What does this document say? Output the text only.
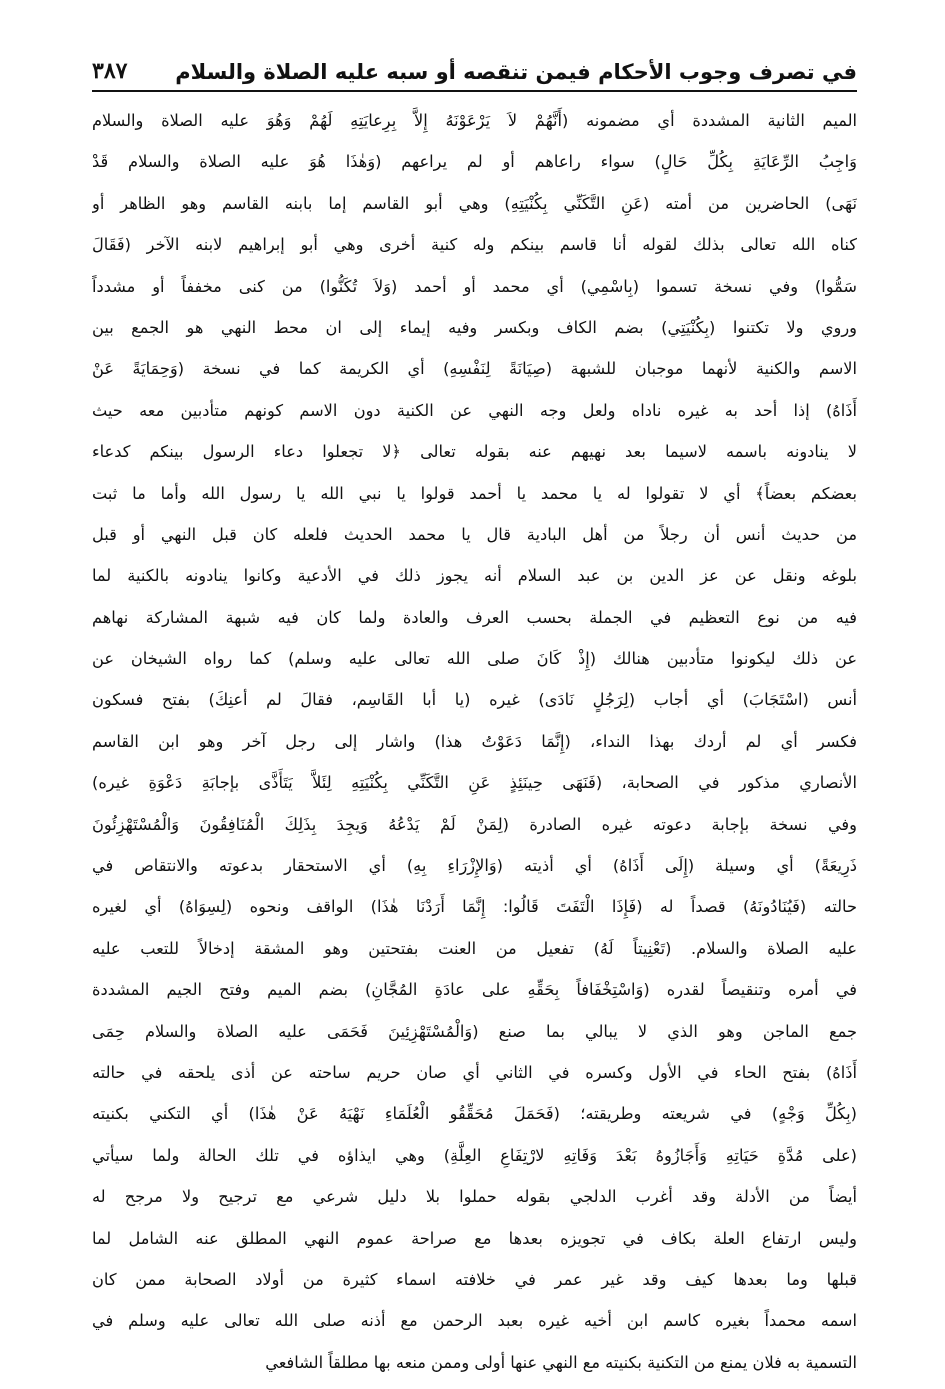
في تصرف وجوب الأحكام فيمن تنقصه أو سبه عليه الصلاة والسلام
٣٨٧
الميم الثانية المشددة أي مضمونه (أَنَّهُمْ لاَ يَرْعَوْنَهُ إِلاَّ بِرِعايَتِهِ لَهُمْ وَهُوَ عليه الصلاة والسلام
وَاجِبُ الرِّعَايَةِ بِكُلِّ حَالٍ) سواء راعاهم أو لم يراعهم (وَهٰذَا هُوَ عليه الصلاة والسلام قَدْ
نَهَى) الحاضرين من أمته (عَنِ التَّكَنِّي بِكُنْيَتِهِ) وهي أبو القاسم إما بابنه القاسم وهو الظاهر أو
كناه الله تعالى بذلك لقوله أنا قاسم بينكم وله كنية أخرى وهي أبو إبراهيم لابنه الآخر (فَقَالَ
سَمُّوا) وفي نسخة تسموا (بِاسْمِي) أي محمد أو أحمد (وَلاَ تُكَنُّوا) من كنى مخففاً أو مشدداً
وروي ولا تكتنوا (بِكُنْيَتِي) بضم الكاف وبكسر وفيه إيماء إلى ان محط النهي هو الجمع بين
الاسم والكنية لأنهما موجبان للشبهة (صِيَانَةً لِنَفْسِهِ) أي الكريمة كما في نسخة (وَحِمَايَةً عَنْ
أَذَاهُ) إذا أحد به غيره ناداه ولعل وجه النهي عن الكنية دون الاسم كونهم متأدبين معه حيث
لا ينادونه باسمه لاسيما بعد نهيهم عنه بقوله تعالى ﴿لا تجعلوا دعاء الرسول بينكم كدعاء
بعضكم بعضاً﴾ أي لا تقولوا له يا محمد يا أحمد قولوا يا نبي الله يا رسول الله وأما ما ثبت
من حديث أنس أن رجلاً من أهل البادية قال يا محمد الحديث فلعله كان قبل النهي أو قبل
بلوغه ونقل عن عز الدين بن عبد السلام أنه يجوز ذلك في الأدعية وكانوا ينادونه بالكنية لما
فيه من نوع التعظيم في الجملة بحسب العرف والعادة ولما كان فيه شبهة المشاركة نهاهم
عن ذلك ليكونوا متأدبين هنالك (إِذْ كَانَ صلى الله تعالى عليه وسلم) كما رواه الشيخان عن
أنس (اسْتَجَابَ) أي أجاب (لِرَجُلٍ نَادَى) غيره (يا أبا القَاسِم، فقالَ لم أعنِكَ) بفتح فسكون
فكسر أي لم أردك بهذا النداء، (إِنَّمَا دَعَوْتُ هذا) واشار إلى رجل آخر وهو ابن القاسم
الأنصاري مذكور في الصحابة، (فَنَهَى حِينَئِذٍ عَنِ التَّكَنِّي بِكُنْيَتِهِ لِئَلاَّ يَتَأَذَّى بإجابَةِ دَعْوَةِ غيره)
وفي نسخة بإجابة دعوته غيره الصادرة (لِمَنْ لَمْ يَدْعُهُ وَيجِدَ بِذَلِكَ الْمُنَافِقُونَ وَالْمُسْتَهْزِئُونَ
ذَرِيعَةً) أي وسيلة (إِلَى أَذَاهُ) أي أذيته (وَالإِزْرَاءِ بِهِ) أي الاستحقار بدعوته والانتقاص في
حالته (فَيُنَادُونَهُ) قصداً له (فَإِذَا الْتَفَتَ قَالُوا: إِنَّمَا أَرَدْنَا هٰذَا) الواقف ونحوه (لِسِوَاهُ) أي لغيره
عليه الصلاة والسلام. (تَعْنِيتاً لَهُ) تفعيل من العنت بفتحتين وهو المشقة إدخالاً للتعب عليه
في أمره وتنقيصاً لقدره (وَاسْتِخْفَافاً بِحَقِّهِ على عادَةِ المُجَّانِ) بضم الميم وفتح الجيم المشددة
جمع الماجن وهو الذي لا يبالي بما صنع (وَالْمُسْتَهْزِئِينَ فَحَمَى عليه الصلاة والسلام حِمَى
أَذَاهُ) بفتح الحاء في الأول وكسره في الثاني أي صان حريم ساحته عن أذى يلحقه في حالته
(بِكُلِّ وَجْهٍ) في شريعته وطريقته؛ (فَحَمَلَ مُحَقِّقُو الْعُلَمَاءِ نَهْيَهُ عَنْ هٰذَا) أي التكني بكنيته
(على مُدَّةِ حَيَاتِهِ وَأَجَازُوهُ بَعْدَ وَفَاتِهِ لارْتِفَاعِ العِلَّةِ) وهي ايذاؤه في تلك الحالة ولما سيأتي
أيضاً من الأدلة وقد أغرب الدلجي بقوله حملوا بلا دليل شرعي مع ترجيح ولا مرجح له
وليس ارتفاع العلة بكاف في تجويزه بعدها مع صراحة عموم النهي المطلق عنه الشامل لما
قبلها وما بعدها كيف وقد غير عمر في خلافته اسماء كثيرة من أولاد الصحابة ممن كان
اسمه محمداً بغيره كاسم ابن أخيه غيره بعبد الرحمن مع أذنه صلى الله تعالى عليه وسلم في
التسمية به فلان يمنع من التكنية بكنيته مع النهي عنها أولى وممن منعه بها مطلقاً الشافعي
